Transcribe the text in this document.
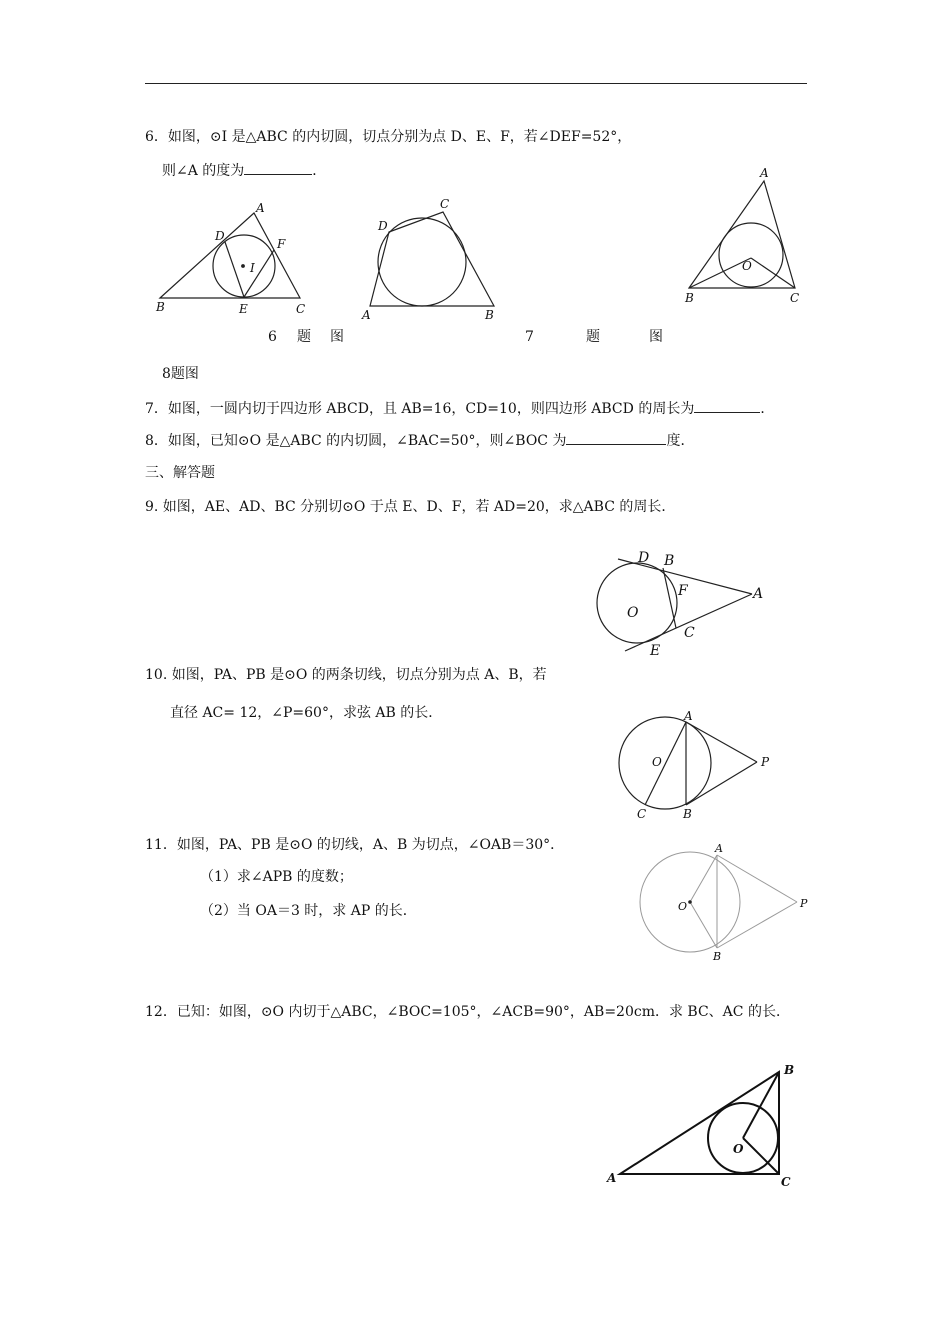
6．如图，⊙I 是△ABC 的内切圆，切点分别为点 D、E、F，若∠DEF=52°，
则∠A 的度为	．
A
B	C
D
E
F
I
A	B
C
D
A
B	C
O
D B
F	A
C
E
O
A
B
C
O	P
A
B
O	P
A
B
C
O
6 题 图	7	题	图
8题图
7．如图，一圆内切于四边形 ABCD，且 AB=16，CD=10，则四边形 ABCD 的周长为	．
8．如图，已知⊙O 是△ABC 的内切圆，∠BAC=50°，则∠BOC 为	度．
三、解答题
9. 如图，AE、AD、BC 分别切⊙O 于点 E、D、F，若 AD=20，求△ABC 的周长．
10. 如图，PA、PB 是⊙O 的两条切线，切点分别为点 A、B，若
直径 AC= 12，∠P=60°，求弦 AB 的长．
11．如图，PA、PB 是⊙O 的切线，A、B 为切点，∠OAB＝30°．
（1）求∠APB 的度数；
（2）当 OA＝3 时，求 AP 的长．
12．已知：如图，⊙O 内切于△ABC，∠BOC=105°，∠ACB=90°，AB=20cm．求 BC、AC 的长．
